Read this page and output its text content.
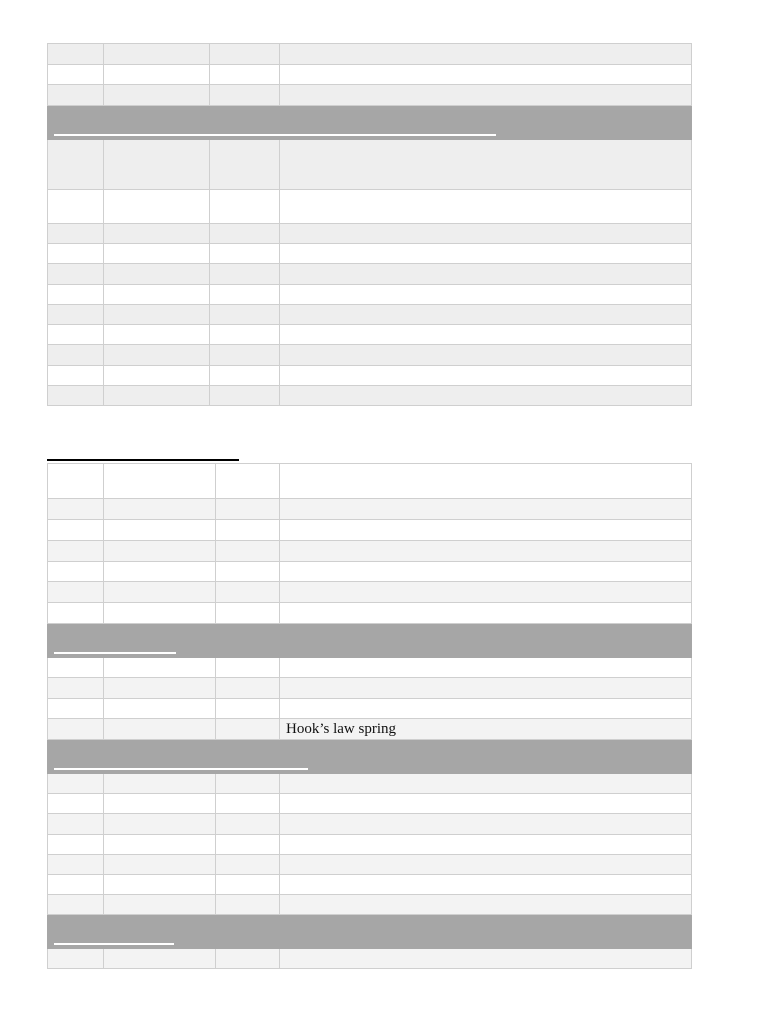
			Hook’s law spring
